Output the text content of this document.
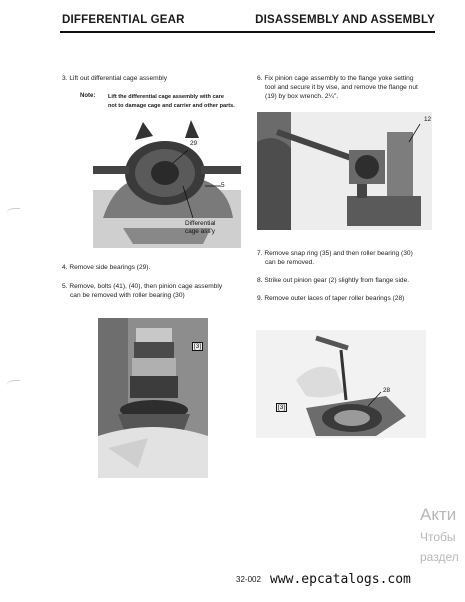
DIFFERENTIAL GEAR	DISASSEMBLY AND ASSEMBLY
3. Lift out differential cage assembly
Note: Lift the differential cage assembly with care
not to damage cage and carrier and other parts.
29
5
Differential
cage ass'y
4. Remove side bearings (29).
5. Remove, bolts (41), (40), then pinion cage assembly
can be removed with roller bearing (30)
[3]
6. Fix pinion cage assembly to the flange yoke setting
tool and secure it by vise, and remove the flange nut
(19) by box wrench. 2¼".
12
7. Remove snap ring (35) and then roller bearing (30)
can be removed.
8. Strike out pinion gear (2) slightly from flange side.
9. Remove outer laces of taper roller bearings (28)
28
[3]
32-002 www.epcatalogs.com
Акти
Чтобы
раздел
